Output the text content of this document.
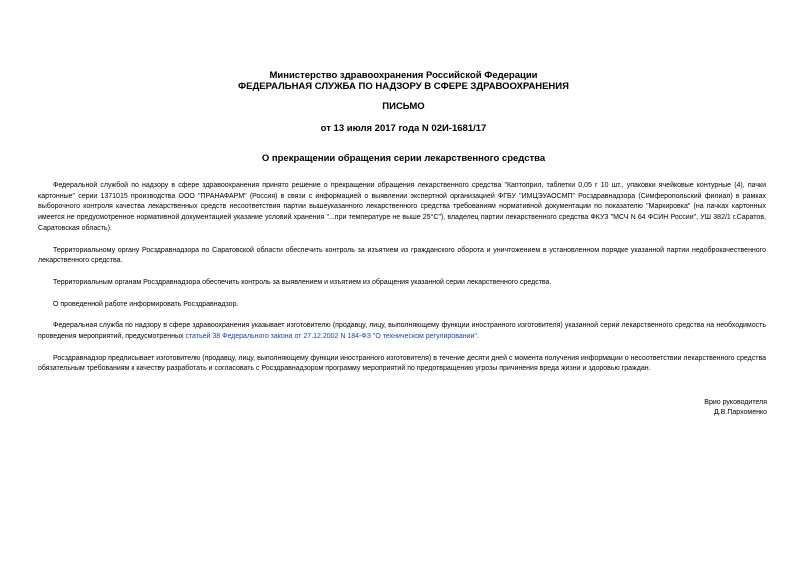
Министерство здравоохранения Российской Федерации
ФЕДЕРАЛЬНАЯ СЛУЖБА ПО НАДЗОРУ В СФЕРЕ ЗДРАВООХРАНЕНИЯ
ПИСЬМО
от 13 июля 2017 года N 02И-1681/17
О прекращении обращения серии лекарственного средства

Федеральной службой по надзору в сфере здравоохранения принято решение о прекращении обращения лекарственного средства "Каптоприл, таблетки 0,05 г 10 шт., упаковки ячейковые контурные (4), пачки картонные" серии 1371015 производства ООО "ПРАНАФАРМ" (Россия) в связи с информацией о выявлении экспертной организацией ФГБУ "ИМЦЭУАОСМП" Росздравнадзора (Симферопольский филиал) в рамках выборочного контроля качества лекарственных средств несоответствия партии вышеуказанного лекарственного средства требованиям нормативной документации по показателю "Маркировка" (на пачках картонных имеется не предусмотренное нормативной документацией указание условий хранения "...при температуре не выше 25°С"), владелец партии лекарственного средства ФКУЗ "МСЧ N 64 ФСИН России", УШ 382/1 г.Саратов, Саратовская область).

Территориальному органу Росздравнадзора по Саратовской области обеспечить контроль за изъятием из гражданского оборота и уничтожением в установленном порядке указанной партии недоброкачественного лекарственного средства.

Территориальным органам Росздравнадзора обеспечить контроль за выявлением и изъятием из обращения указанной серии лекарственного средства.

О проведенной работе информировать Росздравнадзор.

Федеральная служба по надзору в сфере здравоохранения указывает изготовителю (продавцу, лицу, выполняющему функции иностранного изготовителя) указанной серии лекарственного средства на необходимость проведения мероприятий, предусмотренных статьей 38 Федерального закона от 27.12.2002 N 184-ФЗ "О техническом регулировании".

Росздравнадзор предписывает изготовителю (продавцу, лицу, выполняющему функции иностранного изготовителя) в течение десяти дней с момента получения информации о несоответствии лекарственного средства обязательным требованиям к качеству разработать и согласовать с Росздравнадзором программу мероприятий по предотвращению угрозы причинения вреда жизни и здоровью граждан.

Врио руководителя
Д.В.Пархоменко
